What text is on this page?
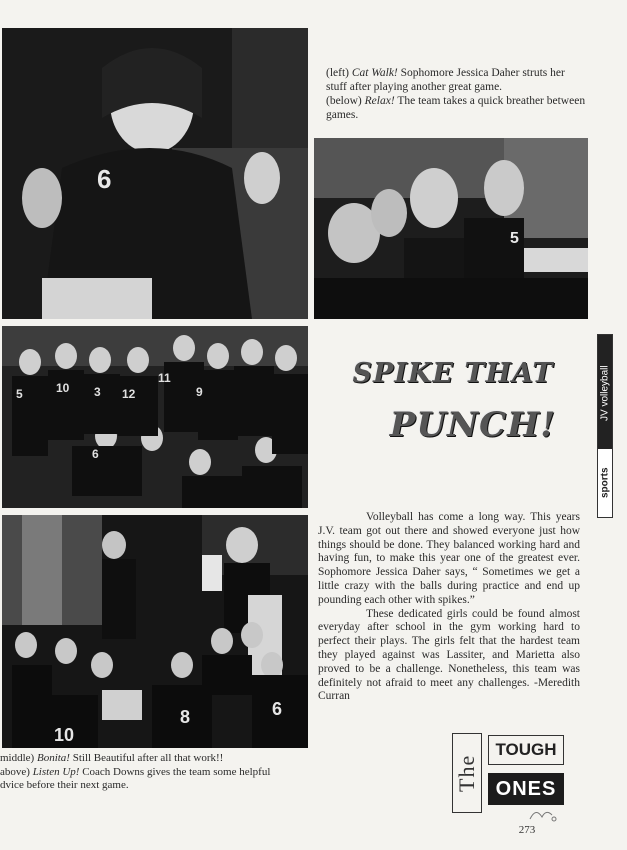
6

(left) Cat Walk! Sophomore Jessica Daher struts her stuff after playing another great game.

(below) Relax! The team takes a quick breather between games.

5
5	10 3 12
11
9
6
SPIKE THAT
PUNCH!
JV volleyball
sports
8
10
6

Volleyball has come a long way. This years J.V. team got out there and showed everyone just how things should be done. They balanced working hard and having fun, to make this year one of the greatest ever. Sophomore Jessica Daher says, “ Sometimes we get a little crazy with the balls during practice and end up pounding each other with spikes.”

These dedicated girls could be found almost everyday after school in the gym working hard to perfect their plays. The girls felt that the hardest team they played against was Lassiter, and Marietta also proved to be a challenge. Nonetheless, this team was definitely not afraid to meet any challenges. -Meredith Curran

middle) Bonita! Still Beautiful after all that work!!

above) Listen Up! Coach Downs gives the team some helpful

dvice before their next game.	The
TOUGH
ONES
273
